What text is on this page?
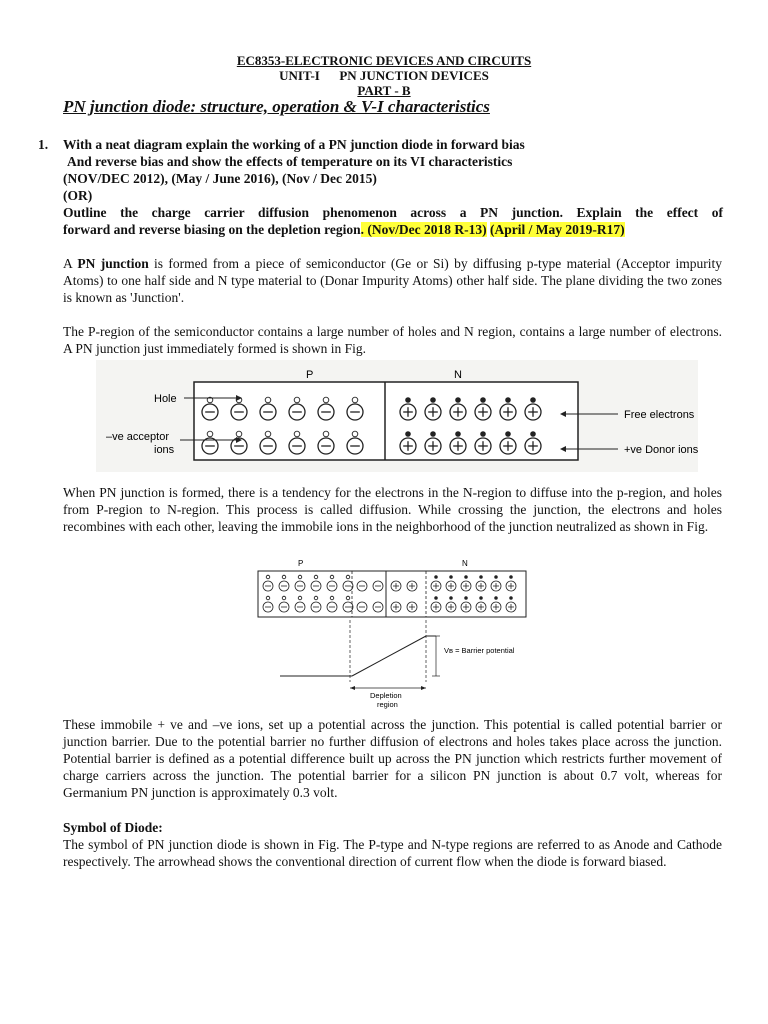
EC8353-ELECTRONIC DEVICES AND CIRCUITS
UNIT-I      PN JUNCTION DEVICES
PART - B
PN junction diode: structure, operation & V-I characteristics
1. With a neat diagram explain the working of a PN junction diode in forward bias
And reverse bias and show the effects of temperature on its VI characteristics
(NOV/DEC 2012), (May / June 2016), (Nov / Dec 2015)
(OR)
Outline the charge carrier diffusion phenomenon across a PN junction. Explain the effect of
forward and reverse biasing on the depletion region. (Nov/Dec 2018 R-13) (April / May 2019-R17)
A PN junction is formed from a piece of semiconductor (Ge or Si) by diffusing p-type material (Acceptor impurity Atoms) to one half side and N type material to (Donar Impurity Atoms) other half side. The plane dividing the two zones is known as 'Junction'.
The P-region of the semiconductor contains a large number of holes and N region, contains a large number of electrons. A PN junction just immediately formed is shown in Fig.
P	N
Hole
–ve acceptor
ions
Free electrons
+ve Donor ions
When PN junction is formed, there is a tendency for the electrons in the N-region to diffuse into the p-region, and holes from P-region to N-region. This process is called diffusion. While crossing the junction, the electrons and holes recombines with each other, leaving the immobile ions in the neighborhood of the junction neutralized as shown in Fig.
P	N
Vʙ = Barrier potential
Depletion
region
These immobile + ve and –ve ions, set up a potential across the junction. This potential is called potential barrier or junction barrier. Due to the potential barrier no further diffusion of electrons and holes takes place across the junction. Potential barrier is defined as a potential difference built up across the PN junction which restricts further movement of charge carriers across the junction. The potential barrier for a silicon PN junction is about 0.7 volt, whereas for Germanium PN junction is approximately 0.3 volt.
Symbol of Diode:
The symbol of PN junction diode is shown in Fig. The P-type and N-type regions are referred to as Anode and Cathode respectively. The arrowhead shows the conventional direction of current flow when the diode is forward biased.
